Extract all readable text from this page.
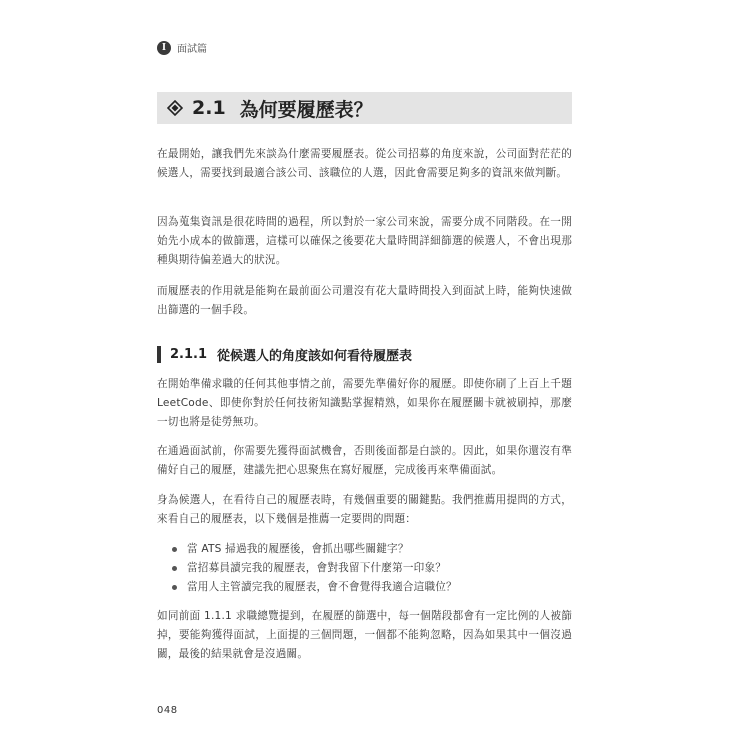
I	面試篇
2.1 為何要履歷表？

在最開始，讓我們先來談為什麼需要履歷表。從公司招募的角度來說，公司面對茫茫的候選人，需要找到最適合該公司、該職位的人選，因此會需要足夠多的資訊來做判斷。

因為蒐集資訊是很花時間的過程，所以對於一家公司來說，需要分成不同階段。在一開始先小成本的做篩選，這樣可以確保之後要花大量時間詳細篩選的候選人，不會出現那種與期待偏差過大的狀況。

而履歷表的作用就是能夠在最前面公司還沒有花大量時間投入到面試上時，能夠快速做出篩選的一個手段。

2.1.1 從候選人的角度該如何看待履歷表

在開始準備求職的任何其他事情之前，需要先準備好你的履歷。即使你刷了上百上千題 LeetCode、即使你對於任何技術知識點掌握精熟，如果你在履歷關卡就被刷掉，那麼一切也將是徒勞無功。

在通過面試前，你需要先獲得面試機會，否則後面都是白談的。因此，如果你還沒有準備好自己的履歷，建議先把心思聚焦在寫好履歷，完成後再來準備面試。

身為候選人，在看待自己的履歷表時，有幾個重要的關鍵點。我們推薦用提問的方式，來看自己的履歷表，以下幾個是推薦一定要問的問題：

當 ATS 掃過我的履歷後，會抓出哪些關鍵字？
當招募員讀完我的履歷表，會對我留下什麼第一印象？
當用人主管讀完我的履歷表，會不會覺得我適合這職位？

如同前面 1.1.1 求職總覽提到，在履歷的篩選中，每一個階段都會有一定比例的人被篩掉，要能夠獲得面試，上面提的三個問題，一個都不能夠忽略，因為如果其中一個沒過關，最後的結果就會是沒過關。

048
